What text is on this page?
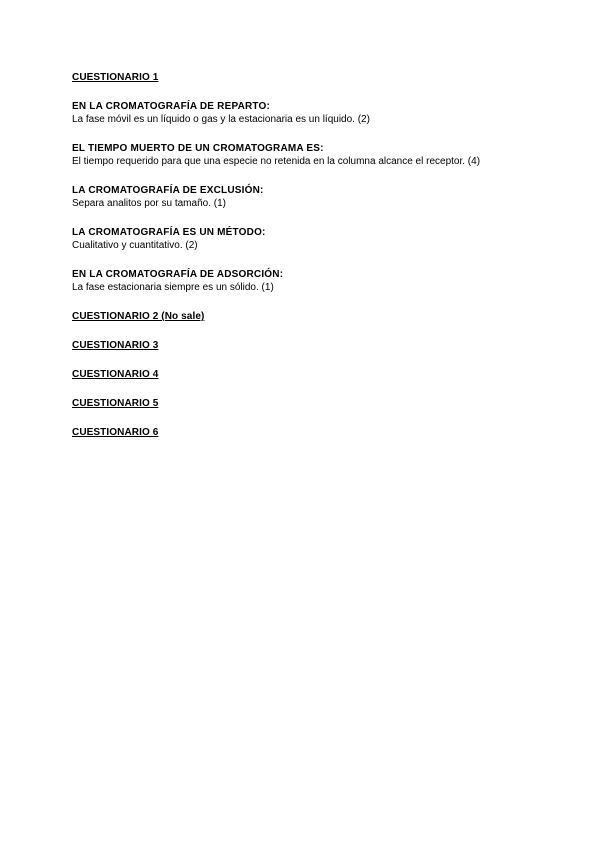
CUESTIONARIO 1

EN LA CROMATOGRAFÍA DE REPARTO:

La fase móvil es un líquido o gas y la estacionaria es un líquido. (2)

EL TIEMPO MUERTO DE UN CROMATOGRAMA ES:

El tiempo requerido para que una especie no retenida en la columna alcance el receptor. (4)

LA CROMATOGRAFÍA DE EXCLUSIÓN:

Separa analitos por su tamaño. (1)

LA CROMATOGRAFÍA ES UN MÉTODO:

Cualitativo y cuantitativo. (2)

EN LA CROMATOGRAFÍA DE ADSORCIÓN:

La fase estacionaria siempre es un sólido. (1)

CUESTIONARIO 2 (No sale)

CUESTIONARIO 3

CUESTIONARIO 4

CUESTIONARIO 5

CUESTIONARIO 6
